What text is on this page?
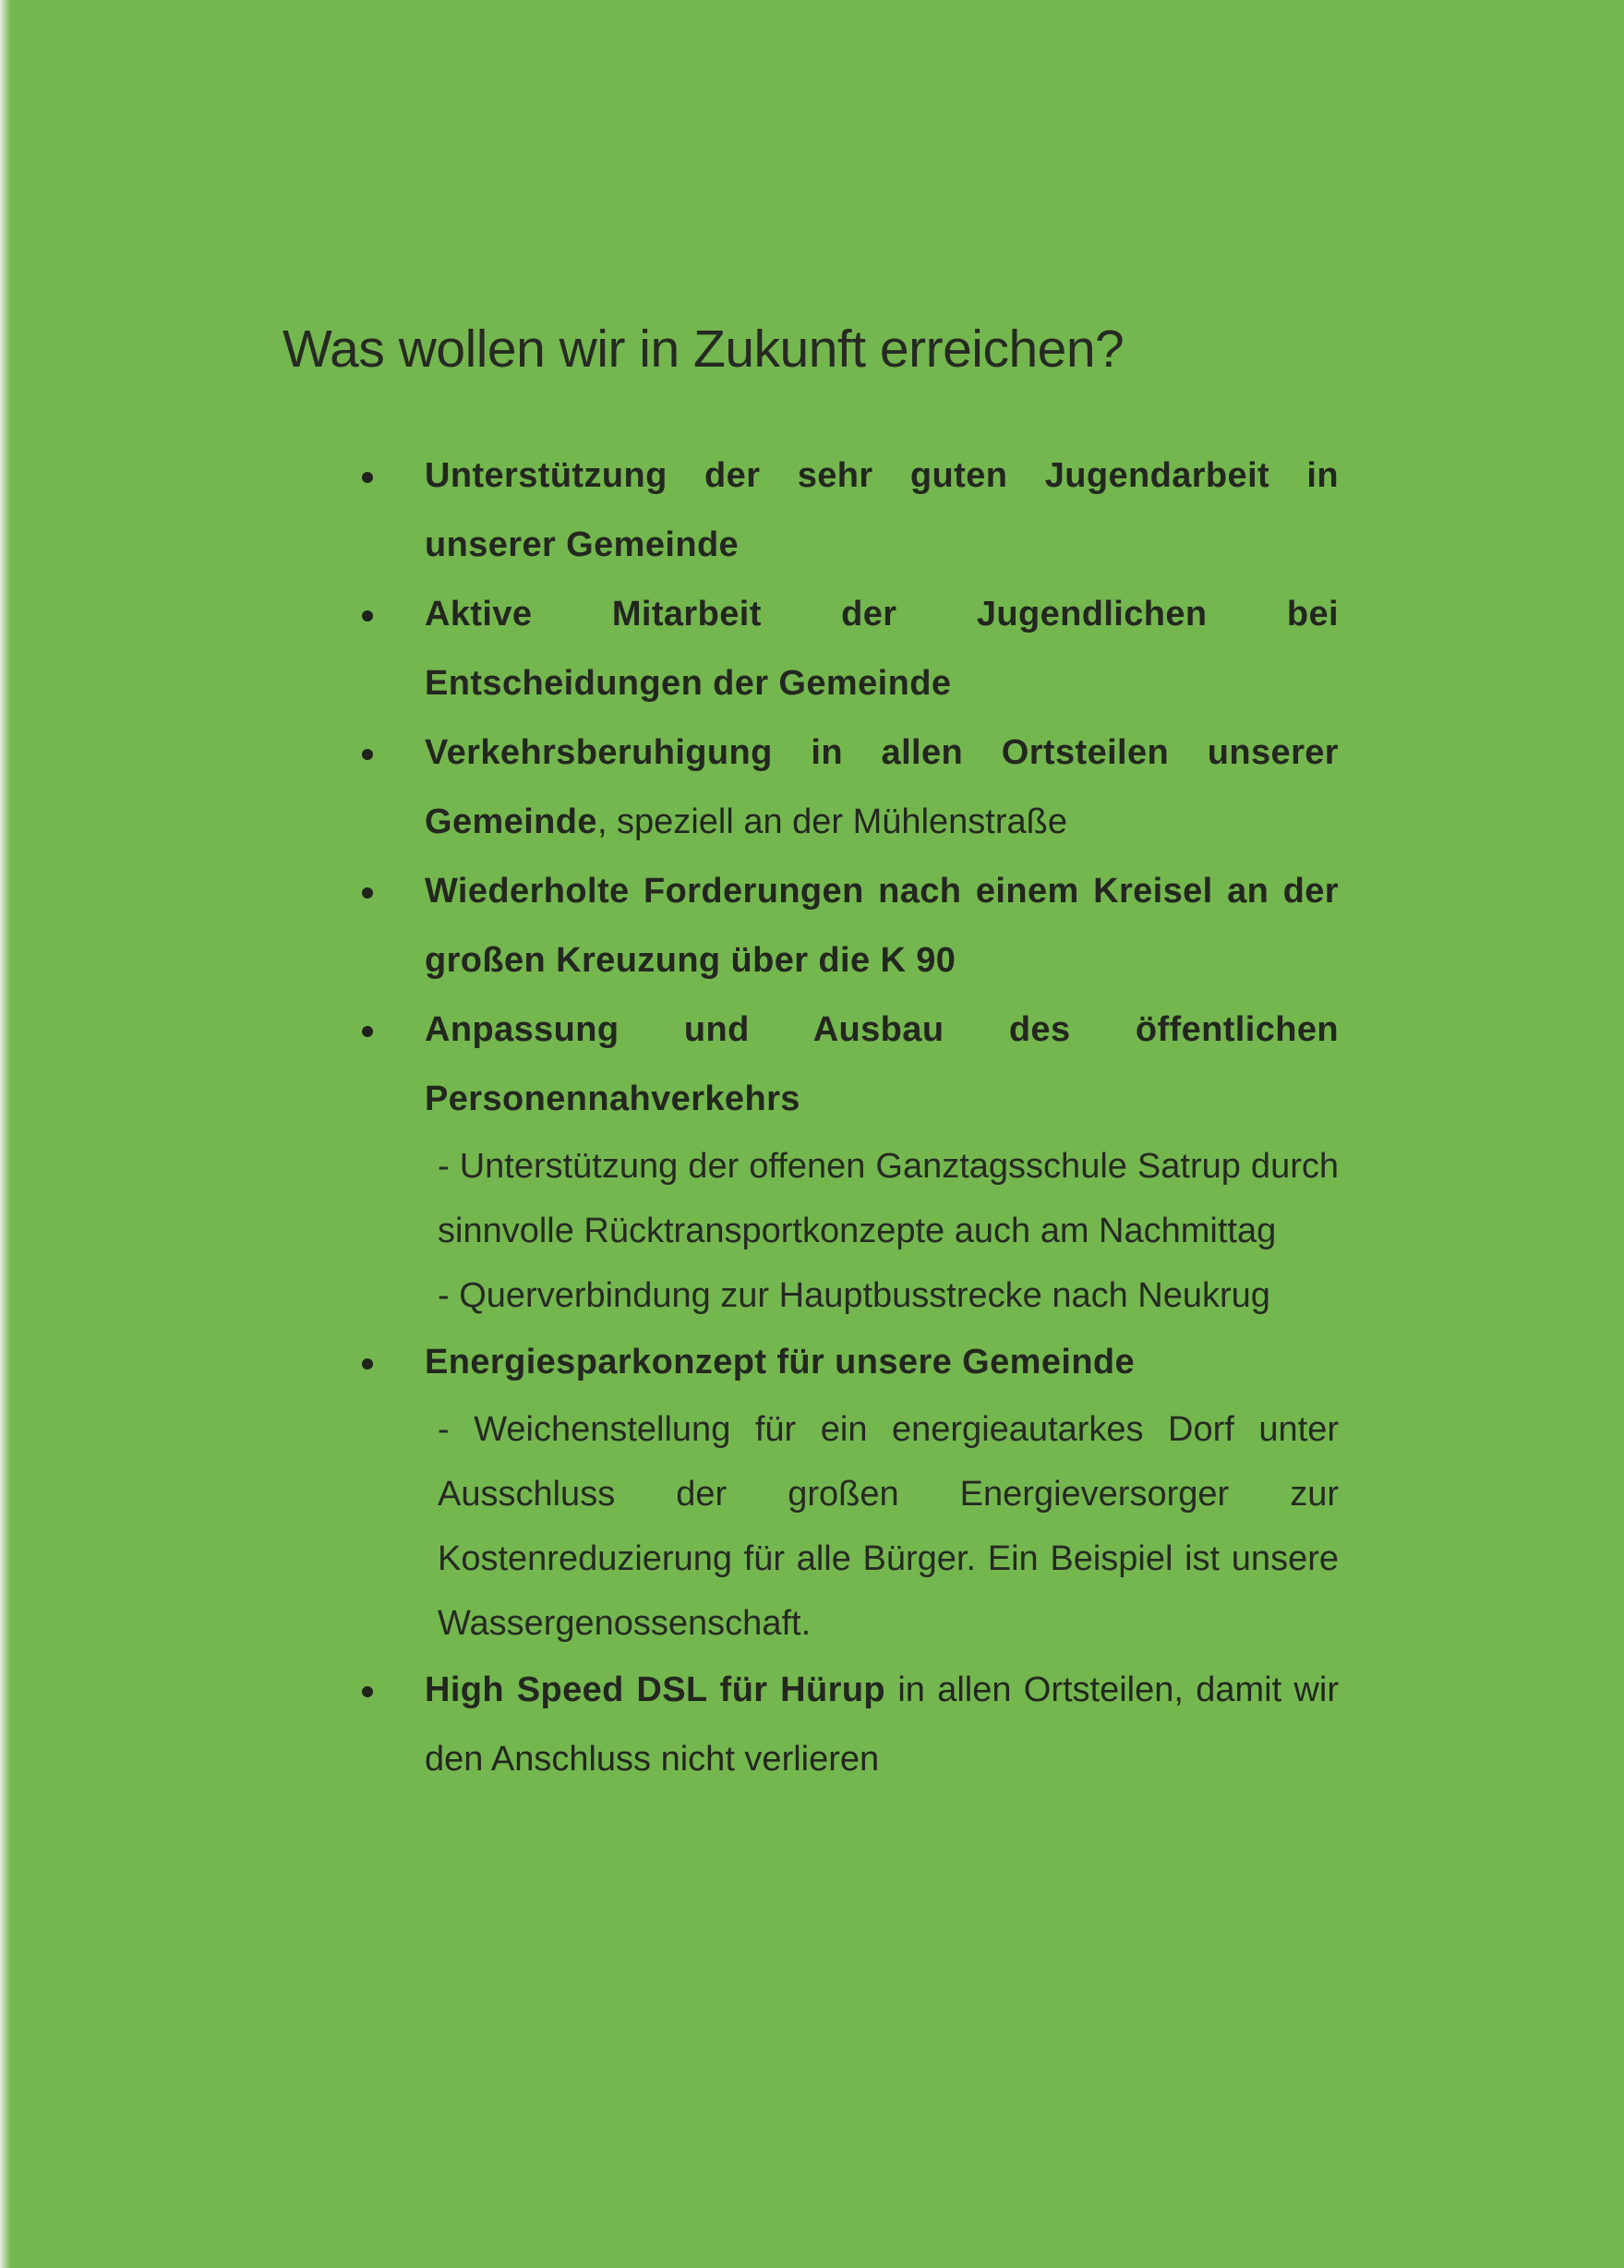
Was wollen wir in Zukunft erreichen?
Unterstützung der sehr guten Jugendarbeit in unserer Gemeinde
Aktive Mitarbeit der Jugendlichen bei Entscheidungen der Gemeinde
Verkehrsberuhigung in allen Ortsteilen unserer Gemeinde, speziell an der Mühlenstraße
Wiederholte Forderungen nach einem Kreisel an der großen Kreuzung über die K 90
Anpassung und Ausbau des öffentlichen Personennahverkehrs
- Unterstützung der offenen Ganztagsschule Satrup durch sinnvolle Rücktransportkonzepte auch am Nachmittag
- Querverbindung zur Hauptbusstrecke nach Neukrug
Energiesparkonzept für unsere Gemeinde
- Weichenstellung für ein energieautarkes Dorf unter Ausschluss der großen Energieversorger zur Kostenreduzierung für alle Bürger. Ein Beispiel ist unsere Wassergenossenschaft.
High Speed DSL für Hürup in allen Ortsteilen, damit wir den Anschluss nicht verlieren
